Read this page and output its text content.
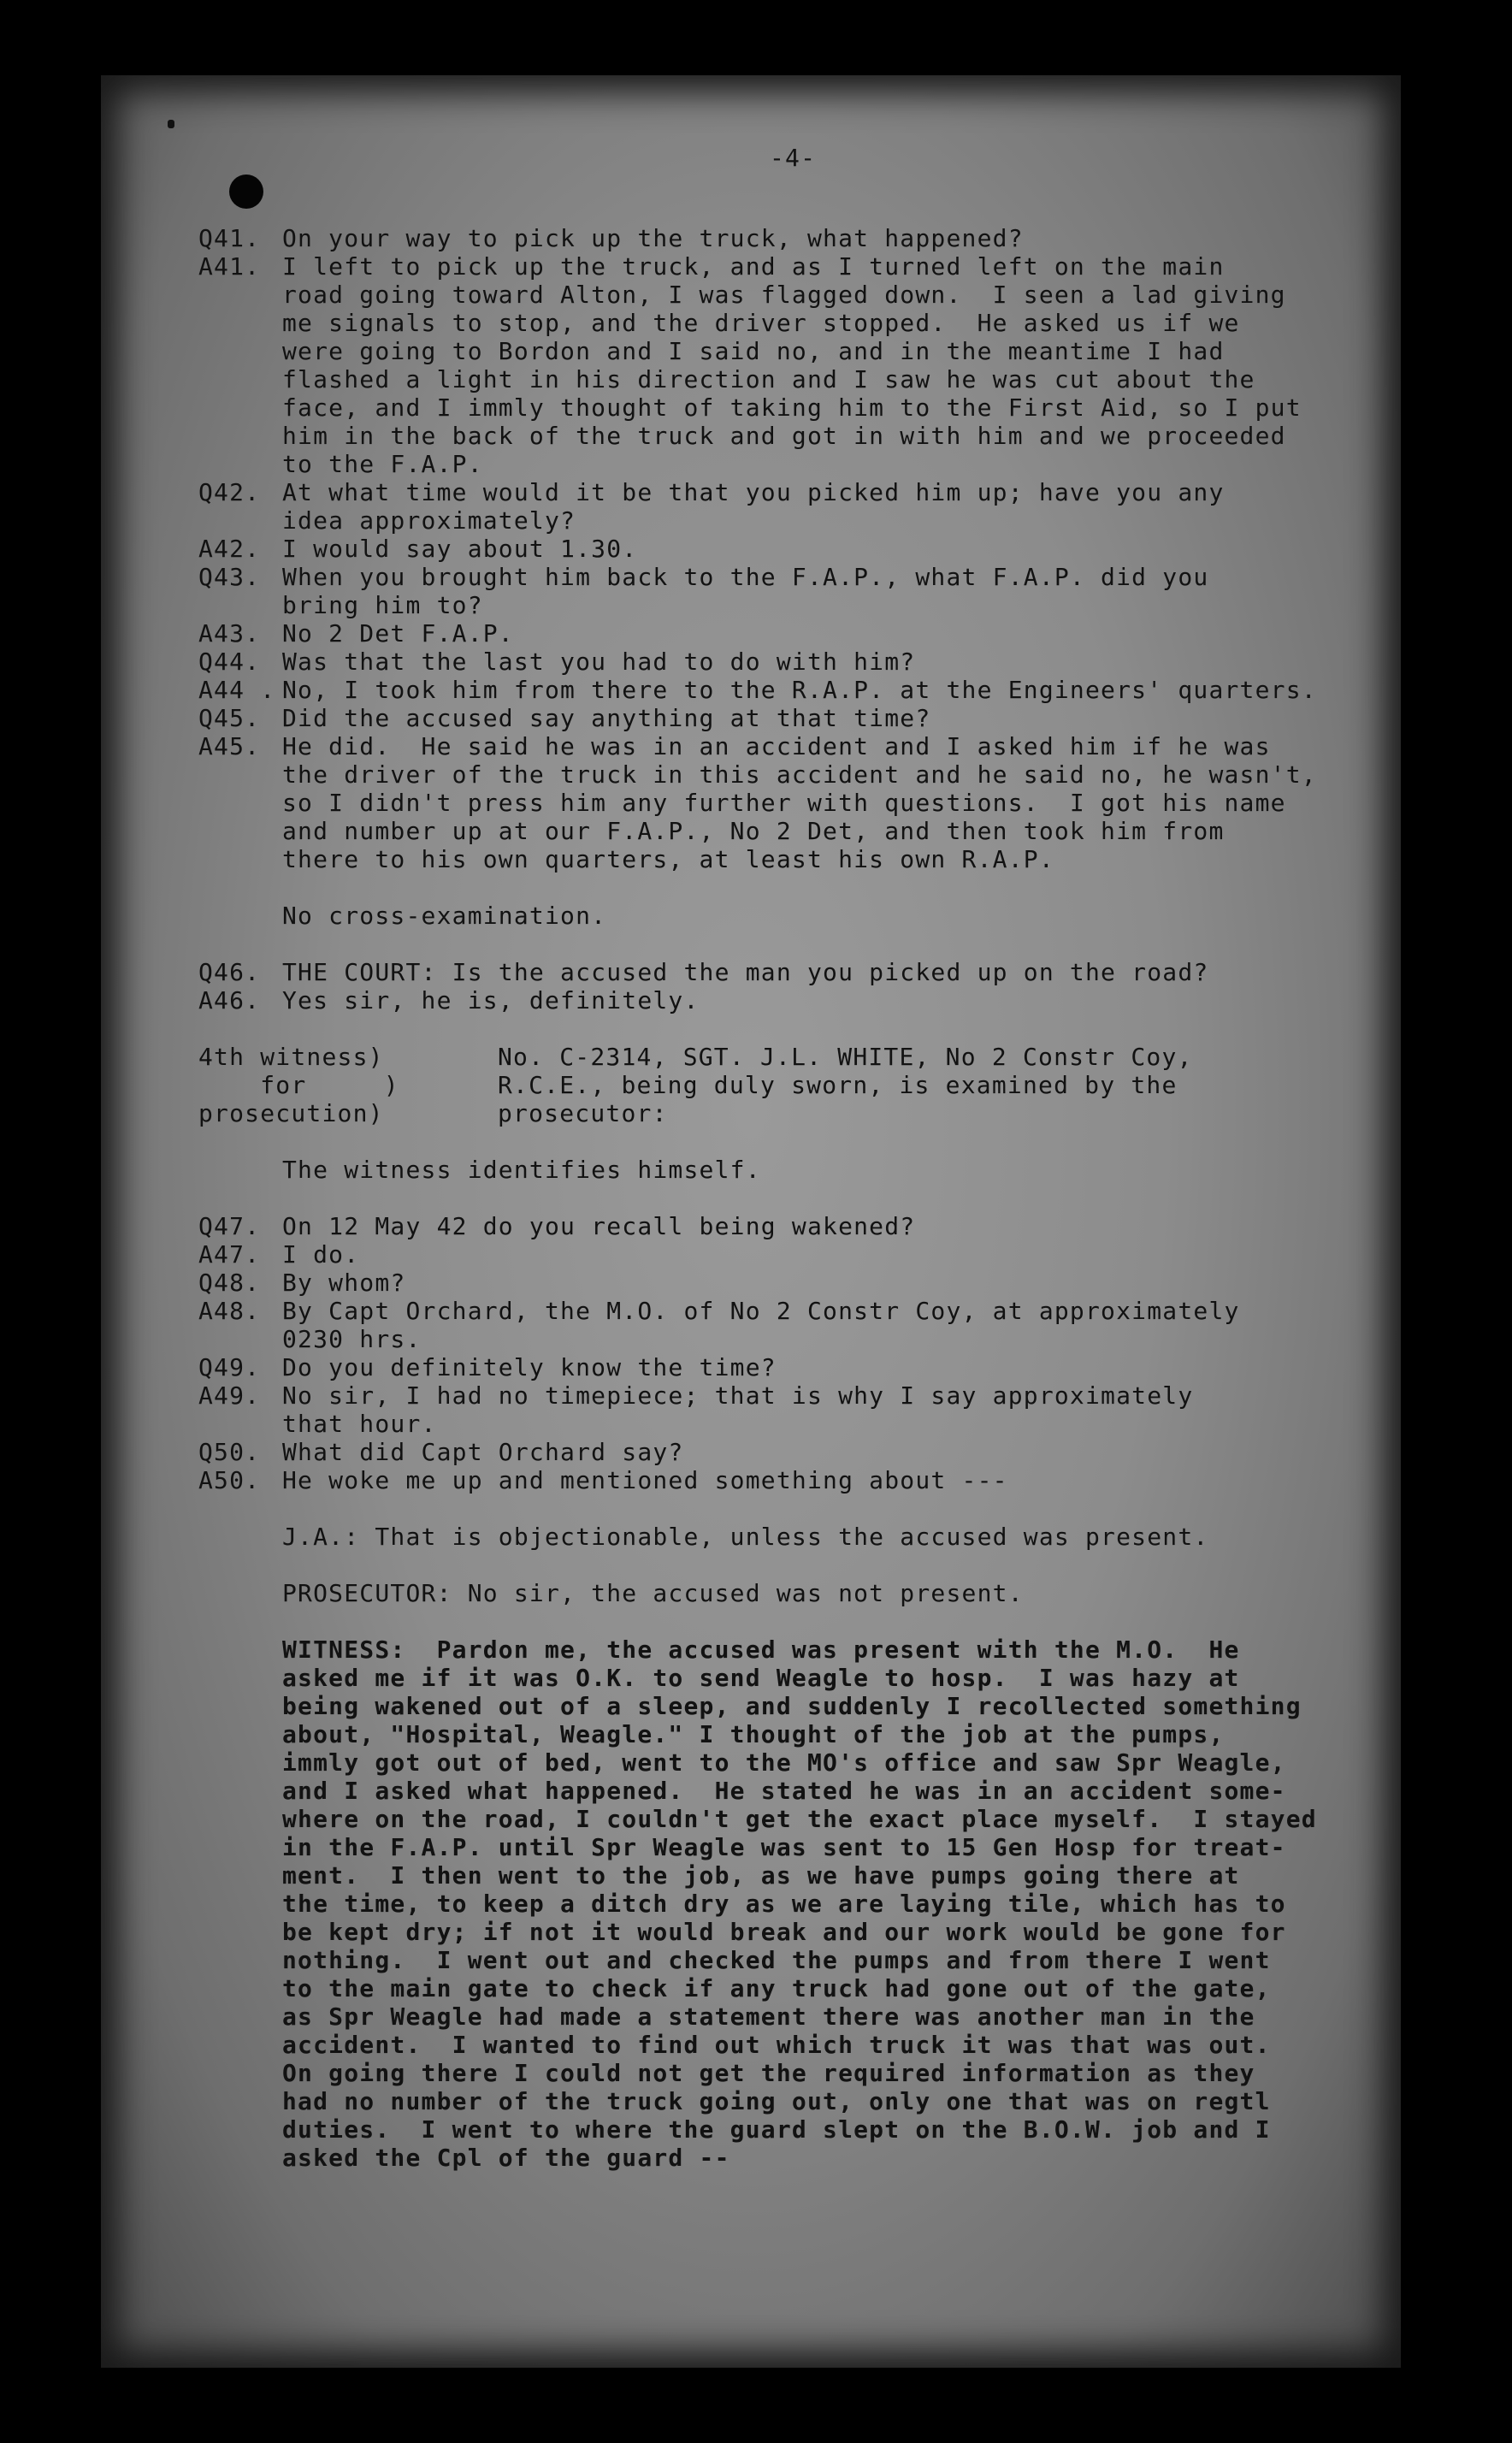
-4-
Q41. On your way to pick up the truck, what happened?
A41. I left to pick up the truck, and as I turned left on the main
road going toward Alton, I was flagged down.  I seen a lad giving
me signals to stop, and the driver stopped.  He asked us if we
were going to Bordon and I said no, and in the meantime I had
flashed a light in his direction and I saw he was cut about the
face, and I immly thought of taking him to the First Aid, so I put
him in the back of the truck and got in with him and we proceeded
to the F.A.P.
Q42. At what time would it be that you picked him up; have you any
idea approximately?
A42. I would say about 1.30.
Q43. When you brought him back to the F.A.P., what F.A.P. did you
bring him to?
A43. No 2 Det F.A.P.
Q44. Was that the last you had to do with him?
A44 . No, I took him from there to the R.A.P. at the Engineers' quarters.
Q45. Did the accused say anything at that time?
A45. He did.  He said he was in an accident and I asked him if he was
the driver of the truck in this accident and he said no, he wasn't,
so I didn't press him any further with questions.  I got his name
and number up at our F.A.P., No 2 Det, and then took him from
there to his own quarters, at least his own R.A.P.
No cross-examination.
Q46. THE COURT: Is the accused the man you picked up on the road?
A46. Yes sir, he is, definitely.
4th witness)
for     )
prosecution)
No. C-2314, SGT. J.L. WHITE, No 2 Constr Coy,
R.C.E., being duly sworn, is examined by the
prosecutor:
The witness identifies himself.
Q47. On 12 May 42 do you recall being wakened?
A47. I do.
Q48. By whom?
A48. By Capt Orchard, the M.O. of No 2 Constr Coy, at approximately
0230 hrs.
Q49. Do you definitely know the time?
A49. No sir, I had no timepiece; that is why I say approximately
that hour.
Q50. What did Capt Orchard say?
A50. He woke me up and mentioned something about ---
J.A.: That is objectionable, unless the accused was present.
PROSECUTOR: No sir, the accused was not present.
WITNESS:  Pardon me, the accused was present with the M.O.  He
asked me if it was O.K. to send Weagle to hosp.  I was hazy at
being wakened out of a sleep, and suddenly I recollected something
about, "Hospital, Weagle." I thought of the job at the pumps,
immly got out of bed, went to the MO's office and saw Spr Weagle,
and I asked what happened.  He stated he was in an accident some-
where on the road, I couldn't get the exact place myself.  I stayed
in the F.A.P. until Spr Weagle was sent to 15 Gen Hosp for treat-
ment.  I then went to the job, as we have pumps going there at
the time, to keep a ditch dry as we are laying tile, which has to
be kept dry; if not it would break and our work would be gone for
nothing.  I went out and checked the pumps and from there I went
to the main gate to check if any truck had gone out of the gate,
as Spr Weagle had made a statement there was another man in the
accident.  I wanted to find out which truck it was that was out.
On going there I could not get the required information as they
had no number of the truck going out, only one that was on regtl
duties.  I went to where the guard slept on the B.O.W. job and I
asked the Cpl of the guard --
